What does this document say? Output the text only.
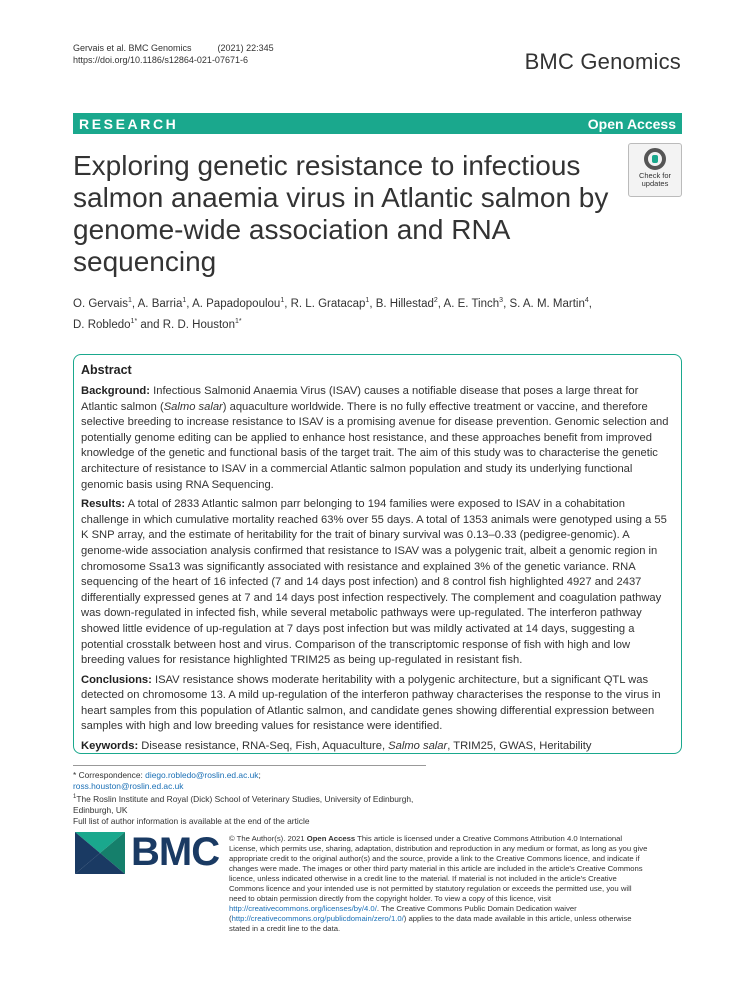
Gervais et al. BMC Genomics	(2021) 22:345
https://doi.org/10.1186/s12864-021-07671-6	BMC Genomics
RESEARCH	Open Access
Exploring genetic resistance to infectious salmon anaemia virus in Atlantic salmon by genome-wide association and RNA sequencing
Check for
updates
O. Gervais$^1$, A. Barria$^1$, A. Papadopoulou$^1$, R. L. Gratacap$^1$, B. Hillestad$^2$, A. E. Tinch$^3$, S. A. M. Martin$^4$,
D. Robledo$^{1*}$ and R. D. Houston$^{1*}$
Abstract

Background: Infectious Salmonid Anaemia Virus (ISAV) causes a notifiable disease that poses a large threat for Atlantic salmon (Salmo salar) aquaculture worldwide. There is no fully effective treatment or vaccine, and therefore selective breeding to increase resistance to ISAV is a promising avenue for disease prevention. Genomic selection and potentially genome editing can be applied to enhance host resistance, and these approaches benefit from improved knowledge of the genetic and functional basis of the target trait. The aim of this study was to characterise the genetic architecture of resistance to ISAV in a commercial Atlantic salmon population and study its underlying functional genomic basis using RNA Sequencing.

Results: A total of 2833 Atlantic salmon parr belonging to 194 families were exposed to ISAV in a cohabitation challenge in which cumulative mortality reached 63% over 55 days. A total of 1353 animals were genotyped using a 55 K SNP array, and the estimate of heritability for the trait of binary survival was 0.13–0.33 (pedigree-genomic). A genome-wide association analysis confirmed that resistance to ISAV was a polygenic trait, albeit a genomic region in chromosome Ssa13 was significantly associated with resistance and explained 3% of the genetic variance. RNA sequencing of the heart of 16 infected (7 and 14 days post infection) and 8 control fish highlighted 4927 and 2437 differentially expressed genes at 7 and 14 days post infection respectively. The complement and coagulation pathway was down-regulated in infected fish, while several metabolic pathways were up-regulated. The interferon pathway showed little evidence of up-regulation at 7 days post infection but was mildly activated at 14 days, suggesting a potential crosstalk between host and virus. Comparison of the transcriptomic response of fish with high and low breeding values for resistance highlighted TRIM25 as being up-regulated in resistant fish.

Conclusions: ISAV resistance shows moderate heritability with a polygenic architecture, but a significant QTL was detected on chromosome 13. A mild up-regulation of the interferon pathway characterises the response to the virus in heart samples from this population of Atlantic salmon, and candidate genes showing differential expression between samples with high and low breeding values for resistance were identified.

Keywords: Disease resistance, RNA-Seq, Fish, Aquaculture, Salmo salar, TRIM25, GWAS, Heritability

* Correspondence: diego.robledo@roslin.ed.ac.uk;
ross.houston@roslin.ed.ac.uk
$^1$The Roslin Institute and Royal (Dick) School of Veterinary Studies, University of Edinburgh, Edinburgh, UK
Full list of author information is available at the end of the article
BMC © The Author(s). 2021 Open Access This article is licensed under a Creative Commons Attribution 4.0 International License, which permits use, sharing, adaptation, distribution and reproduction in any medium or format, as long as you give appropriate credit to the original author(s) and the source, provide a link to the Creative Commons licence, and indicate if changes were made. The images or other third party material in this article are included in the article's Creative Commons licence, unless indicated otherwise in a credit line to the material. If material is not included in the article's Creative Commons licence and your intended use is not permitted by statutory regulation or exceeds the permitted use, you will need to obtain permission directly from the copyright holder. To view a copy of this licence, visit http://creativecommons.org/licenses/by/4.0/. The Creative Commons Public Domain Dedication waiver (http://creativecommons.org/publicdomain/zero/1.0/) applies to the data made available in this article, unless otherwise stated in a credit line to the data.
